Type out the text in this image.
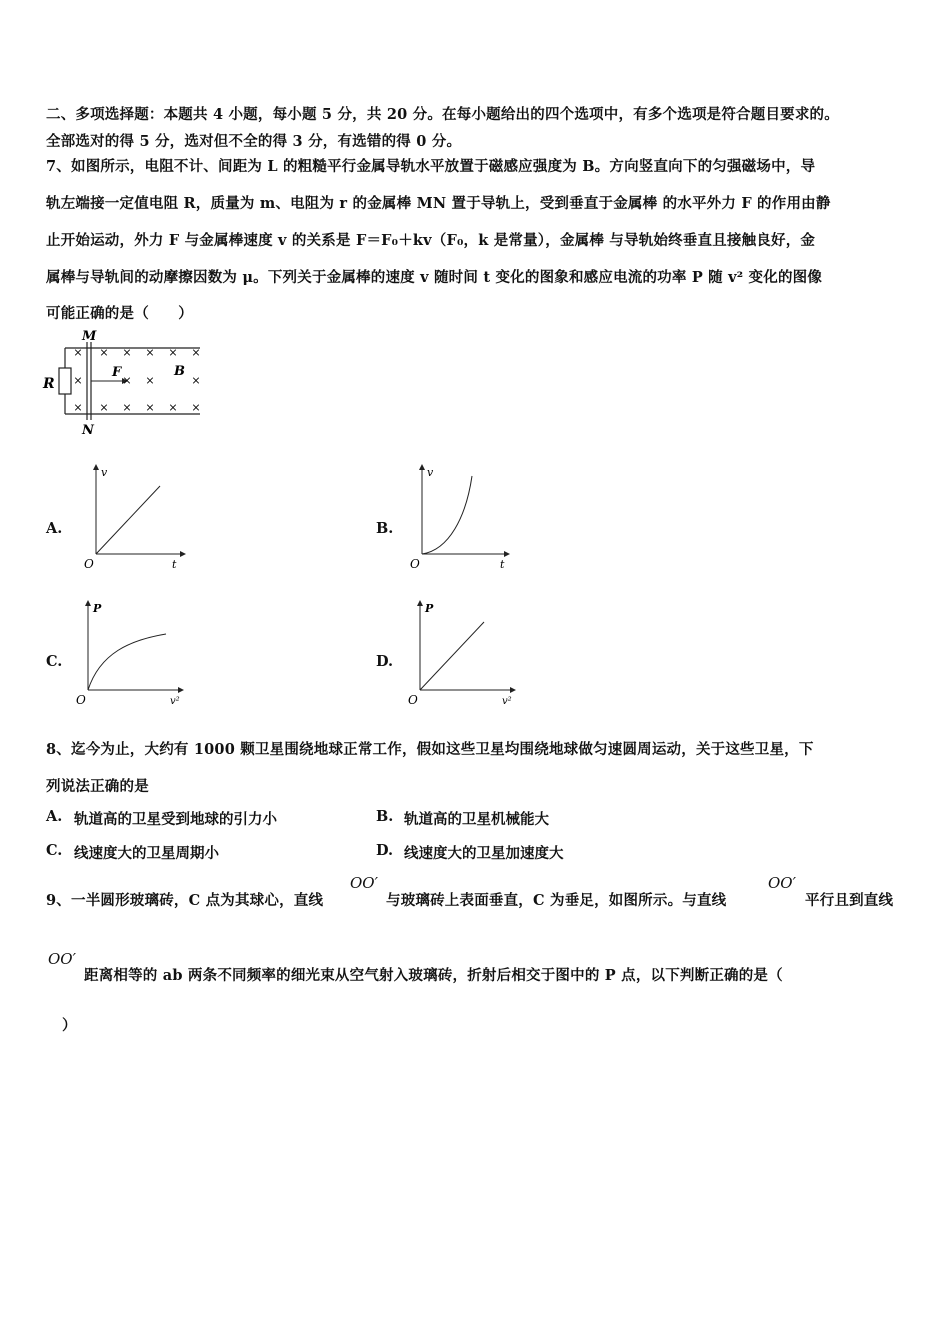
二、多项选择题：本题共 4 小题，每小题 5 分，共 20 分。在每小题给出的四个选项中，有多个选项是符合题目要求的。
全部选对的得 5 分，选对但不全的得 3 分，有选错的得 0 分。
7、如图所示，电阻不计、间距为 L 的粗糙平行金属导轨水平放置于磁感应强度为 B。方向竖直向下的匀强磁场中，导
轨左端接一定值电阻 R，质量为 m、电阻为 r 的金属棒 MN 置于导轨上，受到垂直于金属棒 的水平外力 F 的作用由静
止开始运动，外力 F 与金属棒速度 v 的关系是 F＝F₀＋kv（F₀，k 是常量），金属棒 与导轨始终垂直且接触良好，金
属棒与导轨间的动摩擦因数为 μ。下列关于金属棒的速度 v 随时间 t 变化的图象和感应电流的功率 P 随 v² 变化的图像
可能正确的是（　　）
R
M
N
F	B
× × × × × ×
×	× ×	×
× × × × × ×
A.
v
t
O
B.
v
t
O
C.
P
v²
O
D.
P
v²
O
8、迄今为止，大约有 1000 颗卫星围绕地球正常工作，假如这些卫星均围绕地球做匀速圆周运动，关于这些卫星，下
列说法正确的是
A. 轨道高的卫星受到地球的引力小	B. 轨道高的卫星机械能大
C. 线速度大的卫星周期小	D. 线速度大的卫星加速度大
9、一半圆形玻璃砖，C 点为其球心，直线
OO′
与玻璃砖上表面垂直，C 为垂足，如图所示。与直线
OO′
平行且到直线
OO′
距离相等的 ab 两条不同频率的细光束从空气射入玻璃砖，折射后相交于图中的 P 点，以下判断正确的是（
）
